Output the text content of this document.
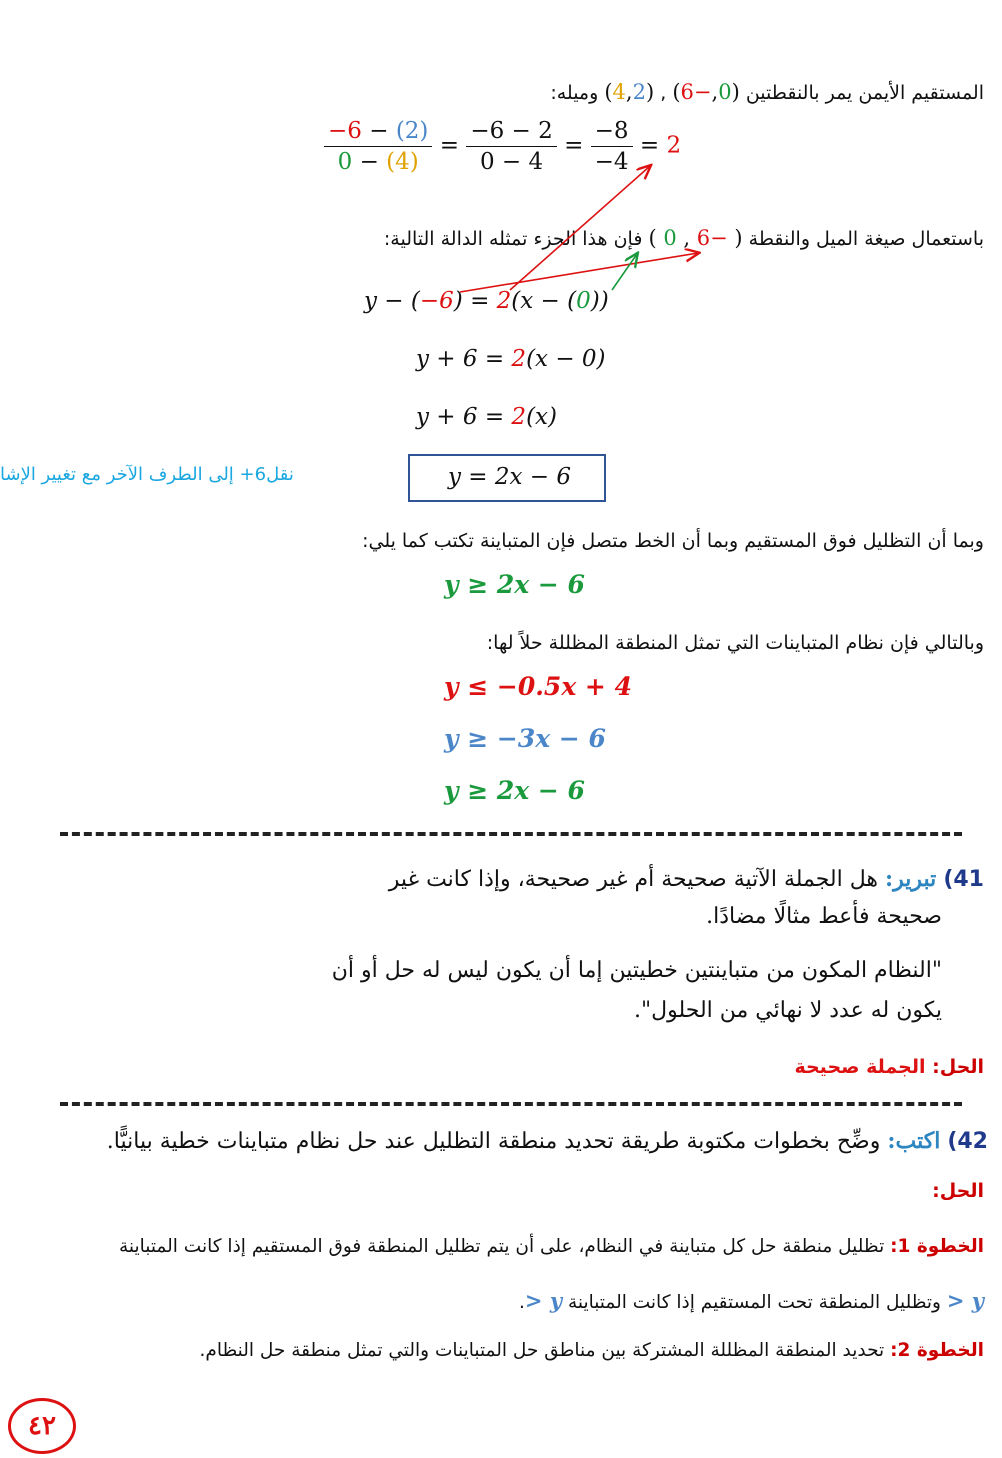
المستقيم الأيمن يمر بالنقطتين (0,−6) , (4,2) وميله:
$\frac{-6 - (2)}{0 - (4)} = \frac{-6 - 2}{0 - 4} = \frac{-8}{-4} = 2$
باستعمال صيغة الميل والنقطة ( −6 , 0 ) فإن هذا الجزء تمثله الدالة التالية:
y − (−6) = 2(x − (0))
y + 6 = 2(x − 0)
y + 6 = 2(x)
y = 2x − 6
نقل6+ إلى الطرف الآخر مع تغيير الإشا
وبما أن التظليل فوق المستقيم وبما أن الخط متصل فإن المتباينة تكتب كما يلي:
y ≥ 2x − 6
وبالتالي فإن نظام المتباينات التي تمثل المنطقة المظللة حلاً لها:
y ≤ −0.5x + 4
y ≥ −3x − 6
y ≥ 2x − 6
41) تبرير: هل الجملة الآتية صحيحة أم غير صحيحة، وإذا كانت غير
صحيحة فأعط مثالًا مضادًا.
"النظام المكون من متباينتين خطيتين إما أن يكون ليس له حل أو أن
يكون له عدد لا نهائي من الحلول".
الحل: الجملة صحيحة
42) اكتب: وضِّح بخطوات مكتوبة طريقة تحديد منطقة التظليل عند حل نظام متباينات خطية بيانيًّا.
الحل:
الخطوة 1: تظليل منطقة حل كل متباينة في النظام، على أن يتم تظليل المنطقة فوق المستقيم إذا كانت المتباينة
y < وتظليل المنطقة تحت المستقيم إذا كانت المتباينة y <.
الخطوة 2: تحديد المنطقة المظللة المشتركة بين مناطق حل المتباينات والتي تمثل منطقة حل النظام.
٤٢
